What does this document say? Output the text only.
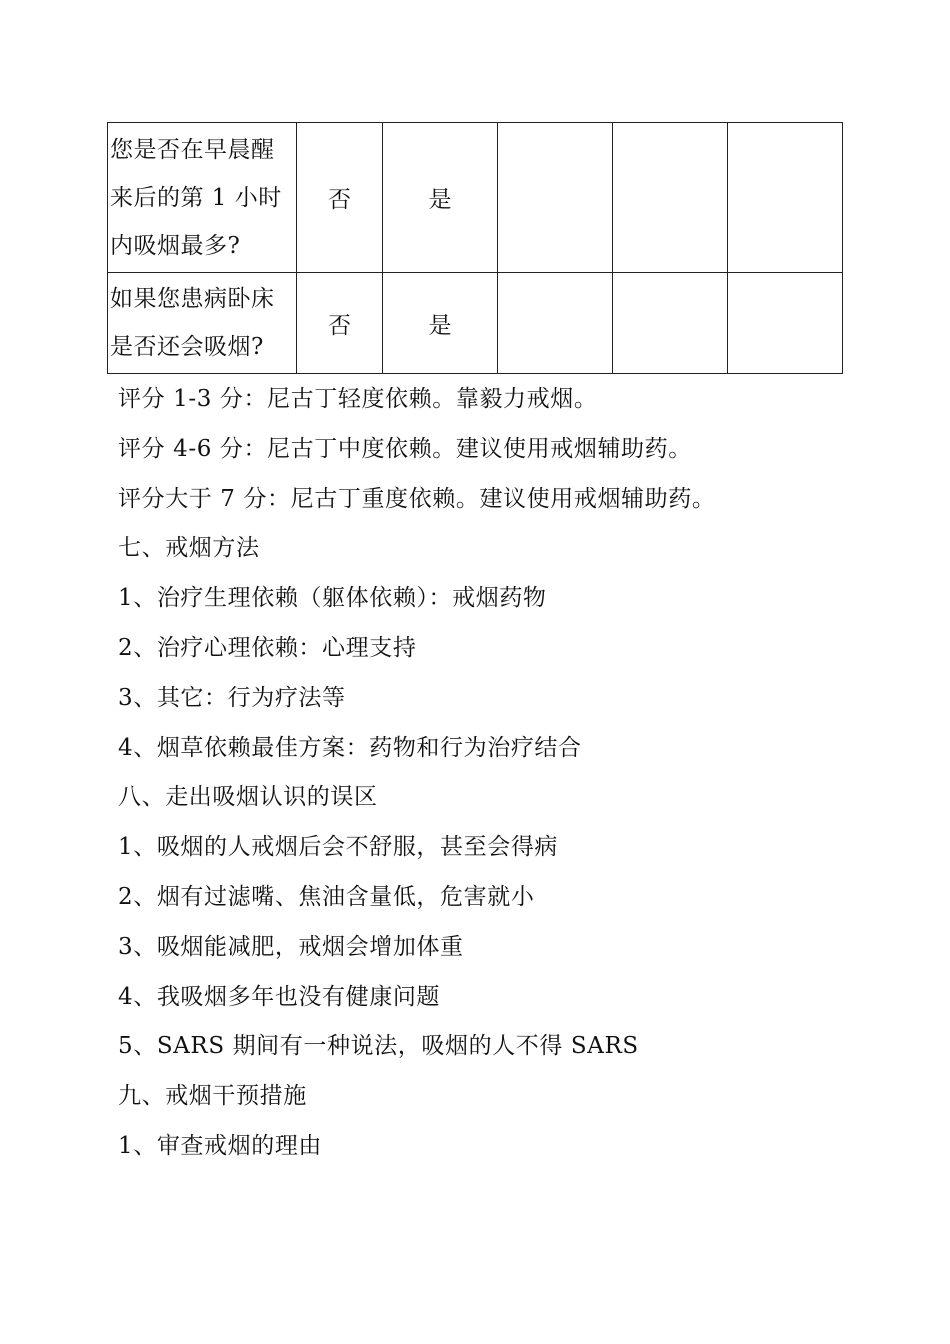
您是否在早晨醒
来后的第 1 小时
内吸烟最多?	否	是			

如果您患病卧床
是否还会吸烟?	否	是			
评分 1-3 分：尼古丁轻度依赖。靠毅力戒烟。
评分 4-6 分：尼古丁中度依赖。建议使用戒烟辅助药。
评分大于 7 分：尼古丁重度依赖。建议使用戒烟辅助药。
七、戒烟方法
1、治疗生理依赖（躯体依赖）：戒烟药物
2、治疗心理依赖：心理支持
3、其它：行为疗法等
4、烟草依赖最佳方案：药物和行为治疗结合
八、走出吸烟认识的误区
1、吸烟的人戒烟后会不舒服，甚至会得病
2、烟有过滤嘴、焦油含量低，危害就小
3、吸烟能减肥，戒烟会增加体重
4、我吸烟多年也没有健康问题
5、SARS 期间有一种说法，吸烟的人不得 SARS
九、戒烟干预措施
1、审查戒烟的理由
